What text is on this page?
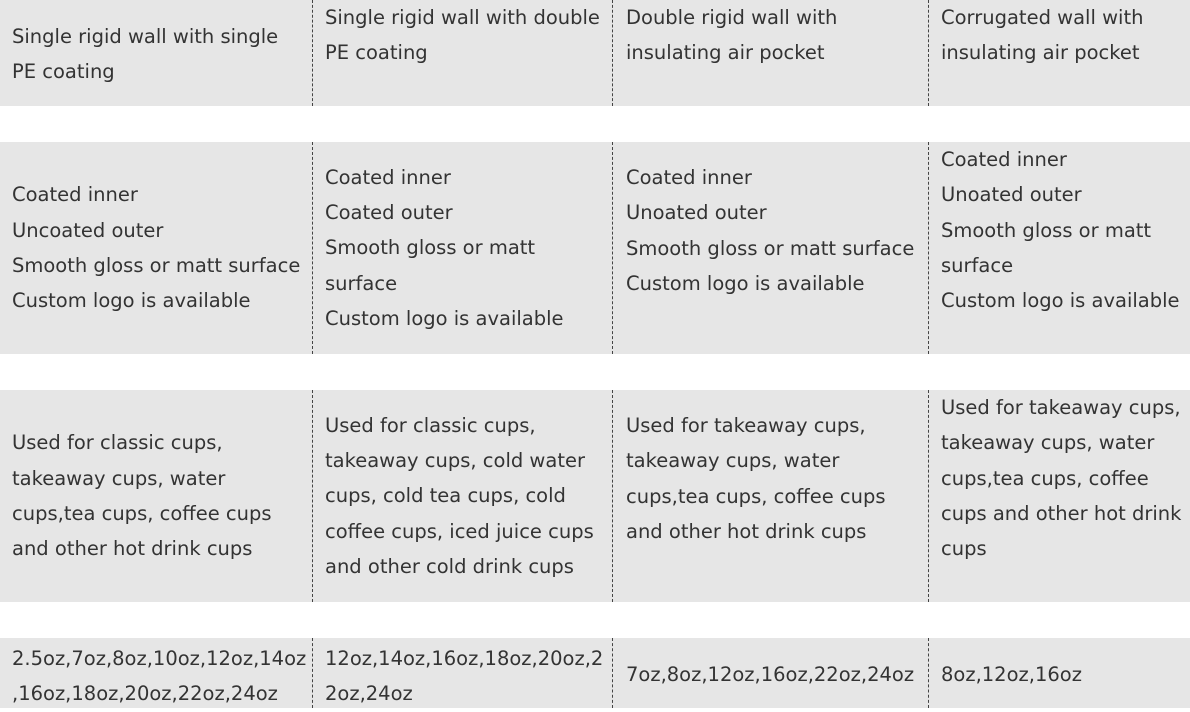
Single rigid wall with single
PE coating
Single rigid wall with double
PE coating
Double rigid wall with
insulating air pocket
Corrugated wall with
insulating air pocket
Coated inner
Uncoated outer
Smooth gloss or matt surface
Custom logo is available
Coated inner
Coated outer
Smooth gloss or matt
surface
Custom logo is available
Coated inner
Unoated outer
Smooth gloss or matt surface
Custom logo is available
Coated inner
Unoated outer
Smooth gloss or matt
surface
Custom logo is available
Used for classic cups,
takeaway cups, water
cups,tea cups, coffee cups
and other hot drink cups
Used for classic cups,
takeaway cups, cold water
cups, cold tea cups, cold
coffee cups, iced juice cups
and other cold drink cups
Used for takeaway cups,
takeaway cups, water
cups,tea cups, coffee cups
and other hot drink cups
Used for takeaway cups,
takeaway cups, water
cups,tea cups, coffee
cups and other hot drink
cups
2.5oz,7oz,8oz,10oz,12oz,14oz
,16oz,18oz,20oz,22oz,24oz
12oz,14oz,16oz,18oz,20oz,2
2oz,24oz
7oz,8oz,12oz,16oz,22oz,24oz	8oz,12oz,16oz
